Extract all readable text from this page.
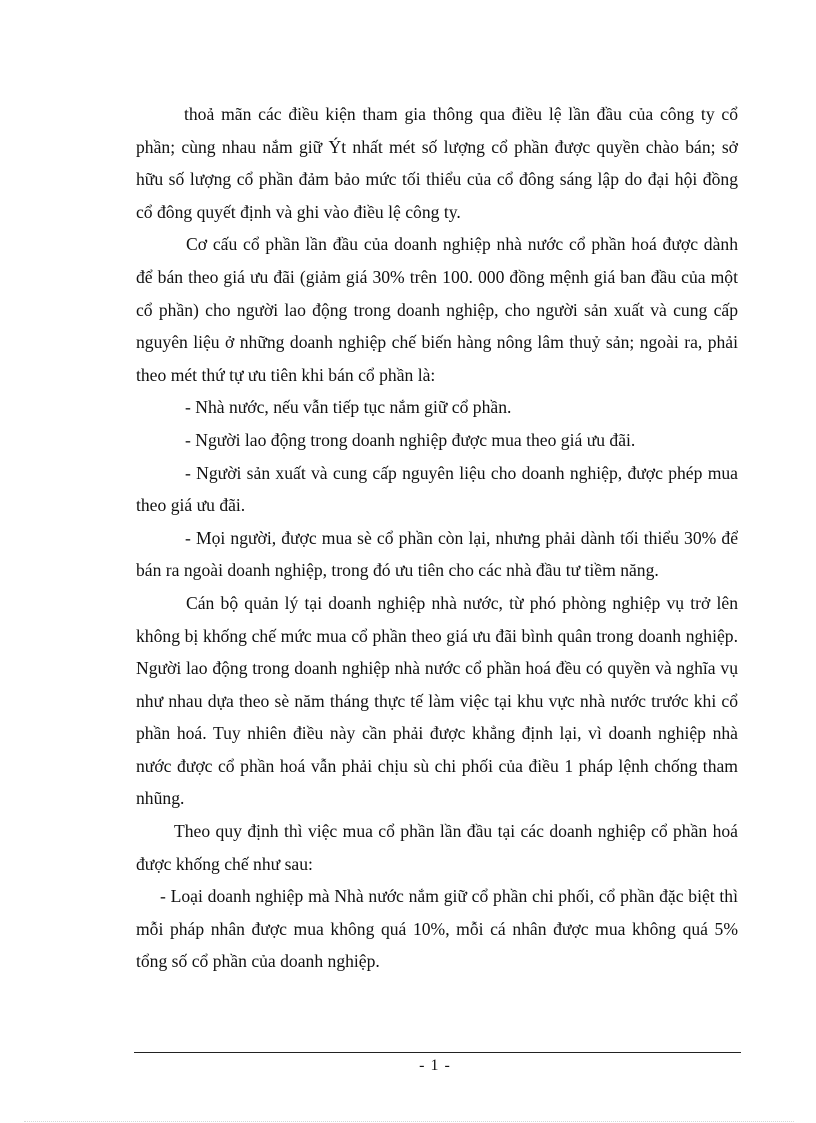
thoả mãn các điều kiện tham gia thông qua điều lệ lần đầu của công ty cổ phần; cùng nhau nắm giữ Ýt nhất mét số lượng cổ phần được quyền chào bán; sở hữu số lượng cổ phần đảm bảo mức tối thiểu của cổ đông sáng lập do đại hội đồng cổ đông quyết định và ghi vào điều lệ công ty.

Cơ cấu cổ phần lần đầu của doanh nghiệp nhà nước cổ phần hoá được dành để bán theo giá ưu đãi (giảm giá 30% trên 100. 000 đồng mệnh giá ban đầu của một cổ phần) cho người lao động trong doanh nghiệp, cho người sản xuất và cung cấp nguyên liệu ở những doanh nghiệp chế biến hàng nông lâm thuỷ sản; ngoài ra, phải theo mét thứ tự ưu tiên khi bán cổ phần là:

- Nhà nước, nếu vẫn tiếp tục nắm giữ cổ phần.

- Người lao động trong doanh nghiệp được mua theo giá ưu đãi.

- Người sản xuất và cung cấp nguyên liệu cho doanh nghiệp, được phép mua theo giá ưu đãi.

- Mọi người, được mua sè cổ phần còn lại, nhưng phải dành tối thiểu 30% để bán ra ngoài doanh nghiệp, trong đó ưu tiên cho các nhà đầu tư tiềm năng.

Cán bộ quản lý tại doanh nghiệp nhà nước, từ phó phòng nghiệp vụ trở lên không bị khống chế mức mua cổ phần theo giá ưu đãi bình quân trong doanh nghiệp. Người lao động trong doanh nghiệp nhà nước cổ phần hoá đều có quyền và nghĩa vụ như nhau dựa theo sè năm tháng thực tế làm việc tại khu vực nhà nước trước khi cổ phần hoá. Tuy nhiên điều này cần phải được khẳng định lại, vì doanh nghiệp nhà nước được cổ phần hoá vẫn phải chịu sù chi phối của điều 1 pháp lệnh chống tham nhũng.

Theo quy định thì việc mua cổ phần lần đầu tại các doanh nghiệp cổ phần hoá được khống chế như sau:

- Loại doanh nghiệp mà Nhà nước nắm giữ cổ phần chi phối, cổ phần đặc biệt thì mỗi pháp nhân được mua không quá 10%, mỗi cá nhân được mua không quá 5% tổng số cổ phần của doanh nghiệp.

- 1 -
